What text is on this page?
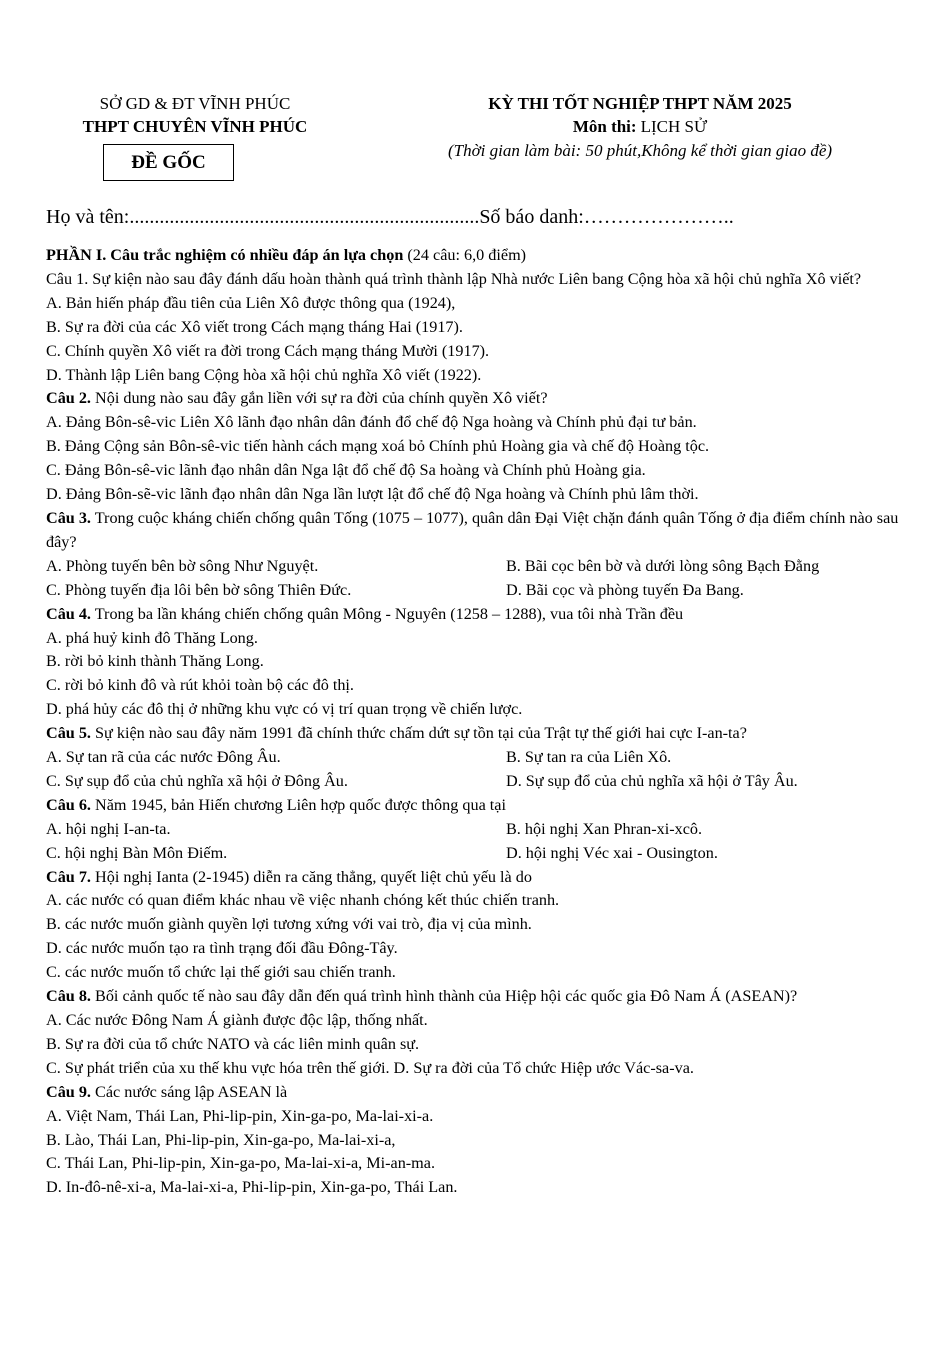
SỞ GD & ĐT VĨNH PHÚC
THPT CHUYÊN VĨNH PHÚC
ĐỀ GỐC
KỲ THI TỐT NGHIỆP THPT NĂM 2025
Môn thi: LỊCH SỬ
(Thời gian làm bài: 50 phút,Không kể thời gian giao đề)
Họ và tên:......................................................................Số báo danh:…………………..
PHẦN I. Câu trắc nghiệm có nhiều đáp án lựa chọn (24 câu: 6,0 điểm)
Câu 1. Sự kiện nào sau đây đánh dấu hoàn thành quá trình thành lập Nhà nước Liên bang Cộng hòa xã hội chủ nghĩa Xô viết?
A. Bản hiến pháp đầu tiên của Liên Xô được thông qua (1924),
B. Sự ra đời của các Xô viết trong Cách mạng tháng Hai (1917).
C. Chính quyền Xô viết ra đời trong Cách mạng tháng Mười (1917).
D. Thành lập Liên bang Cộng hòa xã hội chủ nghĩa Xô viết (1922).
Câu 2. Nội dung nào sau đây gắn liền với sự ra đời của chính quyền Xô viết?
A. Đảng Bôn-sê-vic Liên Xô lãnh đạo nhân dân đánh đổ chế độ Nga hoàng và Chính phủ đại tư bản.
B. Đảng Cộng sản Bôn-sê-vic tiến hành cách mạng xoá bỏ Chính phủ Hoàng gia và chế độ Hoàng tộc.
C. Đảng Bôn-sê-vic lãnh đạo nhân dân Nga lật đổ chế độ Sa hoàng và Chính phủ Hoàng gia.
D. Đảng Bôn-sẽ-vic lãnh đạo nhân dân Nga lần lượt lật đổ chế độ Nga hoàng và Chính phủ lâm thời.
Câu 3. Trong cuộc kháng chiến chống quân Tống (1075 – 1077), quân dân Đại Việt chặn đánh quân Tống ở địa điểm chính nào sau đây?
A. Phòng tuyến bên bờ sông Như Nguyệt.	B. Bãi cọc bên bờ và dưới lòng sông Bạch Đằng
C. Phòng tuyến địa lôi bên bờ sông Thiên Đức.	D. Bãi cọc và phòng tuyến Đa Bang.
Câu 4. Trong ba lần kháng chiến chống quân Mông - Nguyên (1258 – 1288), vua tôi nhà Trần đều
A. phá huỷ kinh đô Thăng Long.
B. rời bỏ kinh thành Thăng Long.
C. rời bỏ kinh đô và rút khỏi toàn bộ các đô thị.
D. phá hủy các đô thị ở những khu vực có vị trí quan trọng về chiến lược.
Câu 5. Sự kiện nào sau đây năm 1991 đã chính thức chấm dứt sự tồn tại của Trật tự thế giới hai cực I-an-ta?
A. Sự tan rã của các nước Đông Âu.	B. Sự tan ra của Liên Xô.
C. Sự sụp đổ của chủ nghĩa xã hội ở Đông Âu.	D. Sự sụp đổ của chủ nghĩa xã hội ở Tây Âu.
Câu 6. Năm 1945, bản Hiến chương Liên hợp quốc được thông qua tại
A. hội nghị I-an-ta.	B. hội nghị Xan Phran-xi-xcô.
C. hội nghị Bàn Môn Điếm.	D. hội nghị Véc xai - Ousington.
Câu 7. Hội nghị Ianta (2-1945) diễn ra căng thẳng, quyết liệt chủ yếu là do
A. các nước có quan điểm khác nhau về việc nhanh chóng kết thúc chiến tranh.
B. các nước muốn giành quyền lợi tương xứng với vai trò, địa vị của mình.
D. các nước muốn tạo ra tình trạng đối đầu Đông-Tây.
C. các nước muốn tổ chức lại thế giới sau chiến tranh.
Câu 8. Bối cảnh quốc tế nào sau đây dẫn đến quá trình hình thành của Hiệp hội các quốc gia Đô Nam Á (ASEAN)?
A. Các nước Đông Nam Á giành được độc lập, thống nhất.
B. Sự ra đời của tổ chức NATO và các liên minh quân sự.
C. Sự phát triển của xu thế khu vực hóa trên thế giới. D. Sự ra đời của Tổ chức Hiệp ước Vác-sa-va.
Câu 9. Các nước sáng lập ASEAN là
A. Việt Nam, Thái Lan, Phi-lip-pin, Xin-ga-po, Ma-lai-xi-a.
B. Lào, Thái Lan, Phi-lip-pin, Xin-ga-po, Ma-lai-xi-a,
C. Thái Lan, Phi-lip-pin, Xin-ga-po, Ma-lai-xi-a, Mi-an-ma.
D. In-đô-nê-xi-a, Ma-lai-xi-a, Phi-lip-pin, Xin-ga-po, Thái Lan.
